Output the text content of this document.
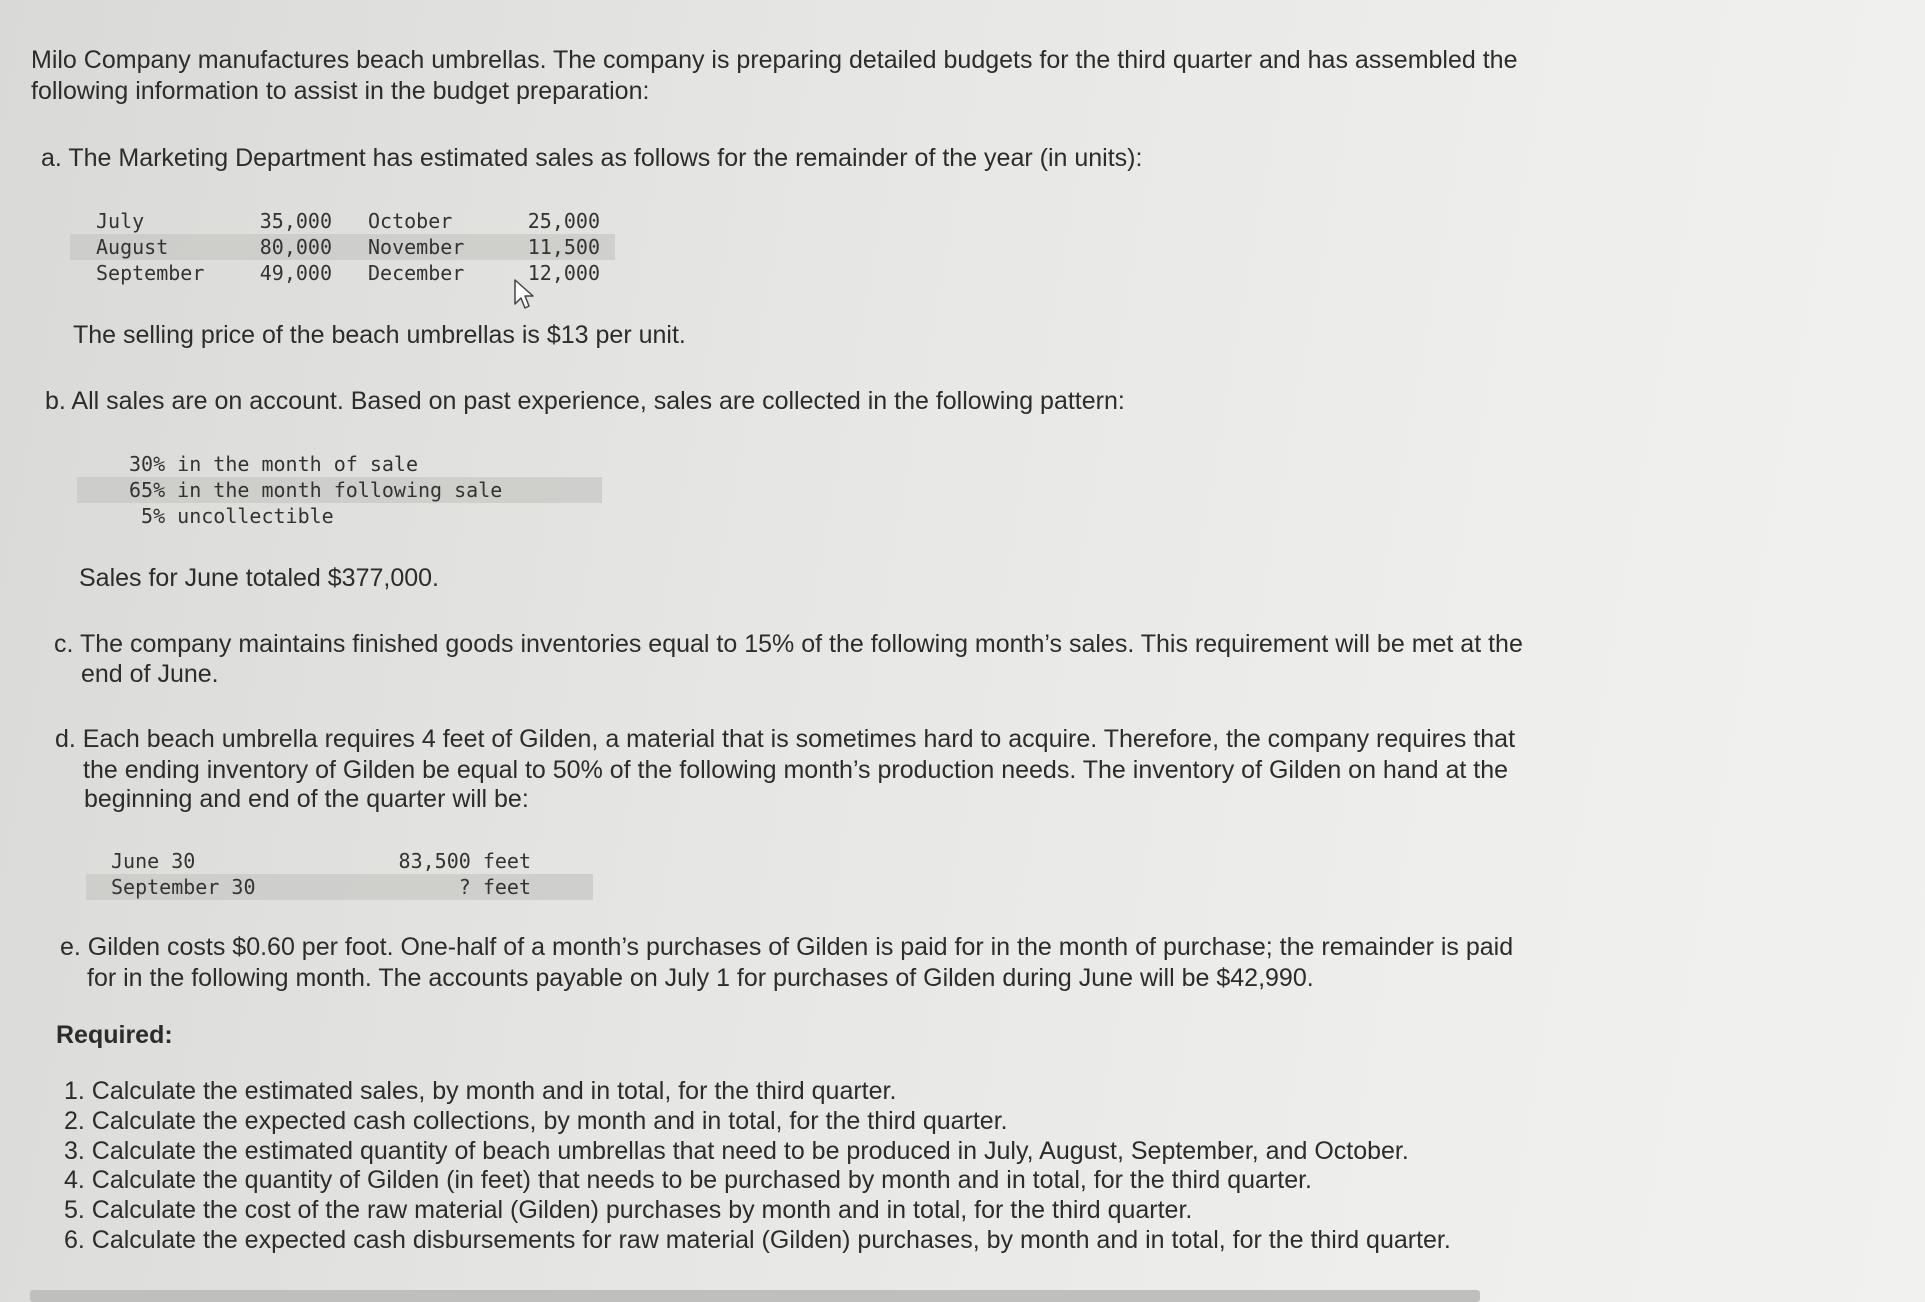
Milo Company manufactures beach umbrellas. The company is preparing detailed budgets for the third quarter and has assembled the
following information to assist in the budget preparation:
a. The Marketing Department has estimated sales as follows for the remainder of the year (in units):
	July	35,000		October	25,000	
	August	80,000		November	11,500	
	September	49,000		December	12,000	
The selling price of the beach umbrellas is $13 per unit.
b. All sales are on account. Based on past experience, sales are collected in the following pattern:
30% in the month of sale
65% in the month following sale
5% uncollectible
Sales for June totaled $377,000.
c. The company maintains finished goods inventories equal to 15% of the following month’s sales. This requirement will be met at the
end of June.
d. Each beach umbrella requires 4 feet of Gilden, a material that is sometimes hard to acquire. Therefore, the company requires that
the ending inventory of Gilden be equal to 50% of the following month’s production needs. The inventory of Gilden on hand at the
beginning and end of the quarter will be:
	June 30	83,500 feet	
	September 30	? feet	
e. Gilden costs $0.60 per foot. One-half of a month’s purchases of Gilden is paid for in the month of purchase; the remainder is paid
for in the following month. The accounts payable on July 1 for purchases of Gilden during June will be $42,990.
Required:
1. Calculate the estimated sales, by month and in total, for the third quarter.
2. Calculate the expected cash collections, by month and in total, for the third quarter.
3. Calculate the estimated quantity of beach umbrellas that need to be produced in July, August, September, and October.
4. Calculate the quantity of Gilden (in feet) that needs to be purchased by month and in total, for the third quarter.
5. Calculate the cost of the raw material (Gilden) purchases by month and in total, for the third quarter.
6. Calculate the expected cash disbursements for raw material (Gilden) purchases, by month and in total, for the third quarter.
